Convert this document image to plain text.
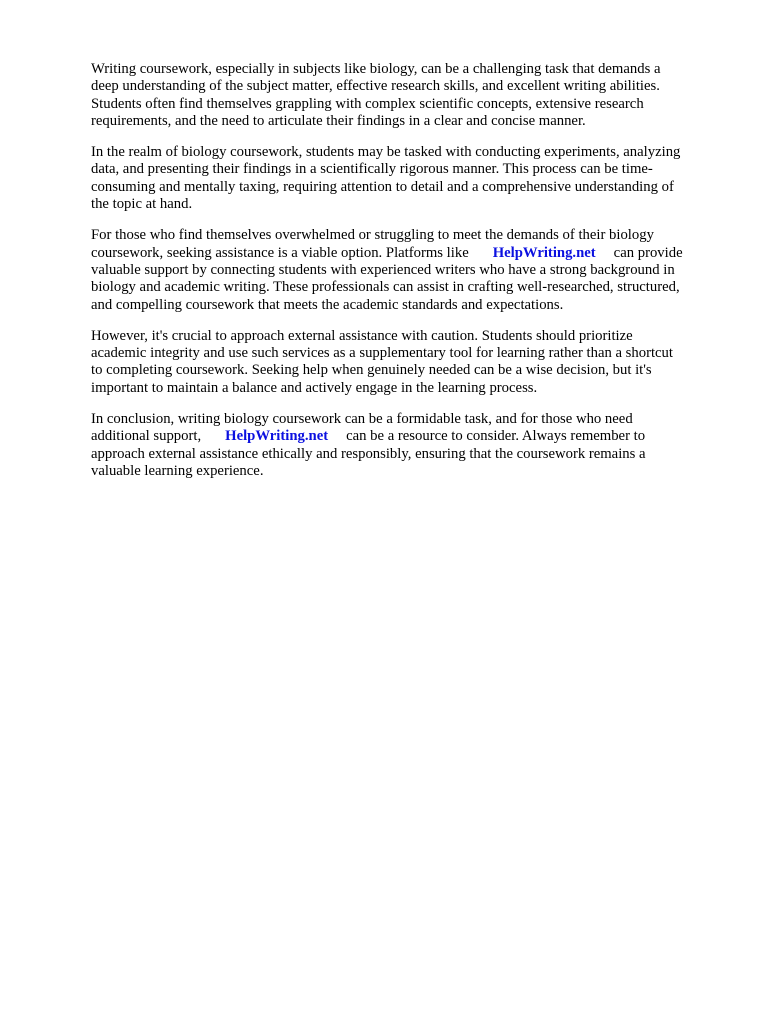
Writing coursework, especially in subjects like biology, can be a challenging task that demands a
deep understanding of the subject matter, effective research skills, and excellent writing abilities.
Students often find themselves grappling with complex scientific concepts, extensive research
requirements, and the need to articulate their findings in a clear and concise manner.

In the realm of biology coursework, students may be tasked with conducting experiments, analyzing
data, and presenting their findings in a scientifically rigorous manner. This process can be time-
consuming and mentally taxing, requiring attention to detail and a comprehensive understanding of
the topic at hand.

For those who find themselves overwhelmed or struggling to meet the demands of their biology
coursework, seeking assistance is a viable option. Platforms like HelpWriting.net can provide
valuable support by connecting students with experienced writers who have a strong background in
biology and academic writing. These professionals can assist in crafting well-researched, structured,
and compelling coursework that meets the academic standards and expectations.

However, it's crucial to approach external assistance with caution. Students should prioritize
academic integrity and use such services as a supplementary tool for learning rather than a shortcut
to completing coursework. Seeking help when genuinely needed can be a wise decision, but it's
important to maintain a balance and actively engage in the learning process.

In conclusion, writing biology coursework can be a formidable task, and for those who need
additional support, HelpWriting.net can be a resource to consider. Always remember to
approach external assistance ethically and responsibly, ensuring that the coursework remains a
valuable learning experience.
